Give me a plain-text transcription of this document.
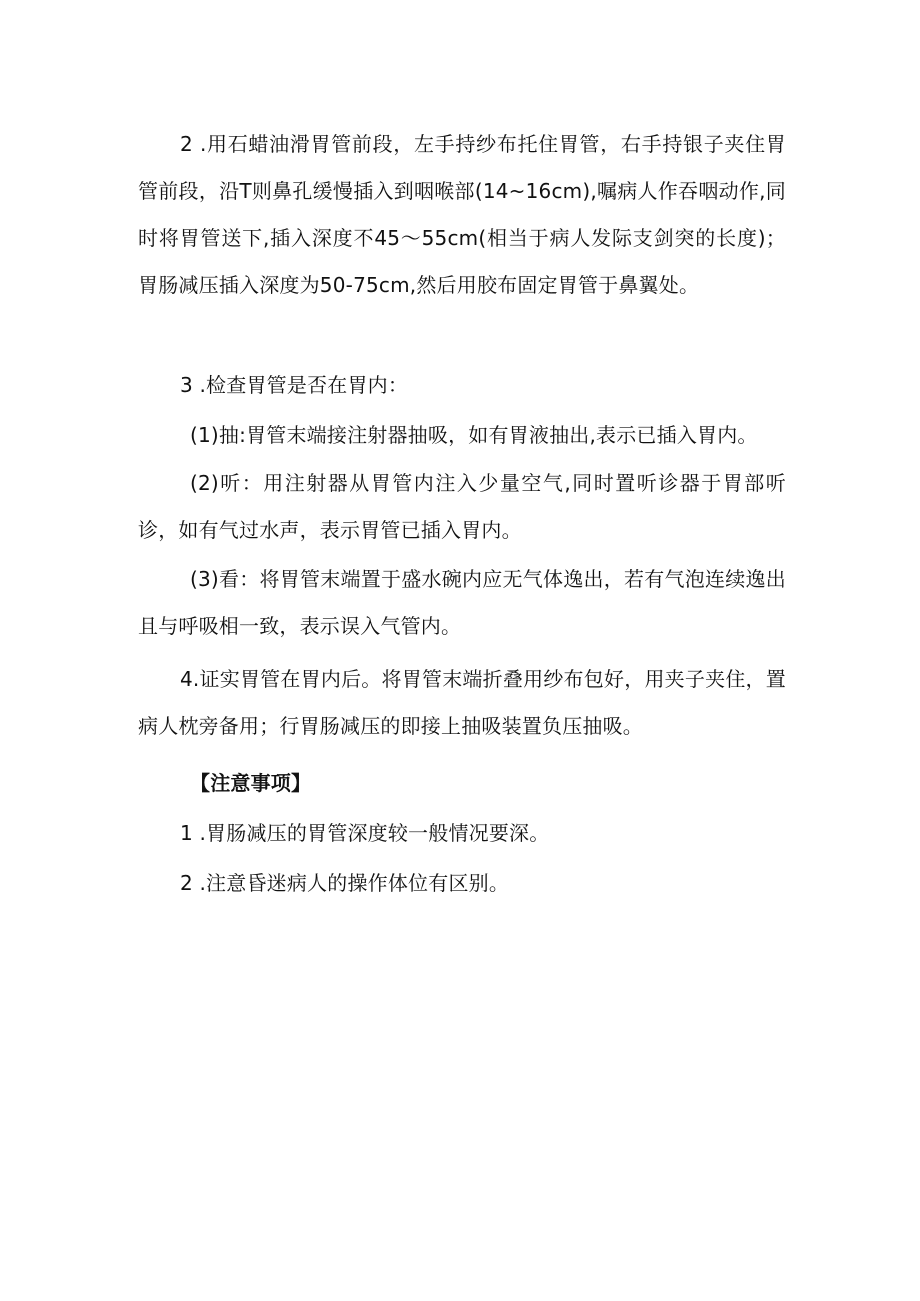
2 .用石蜡油滑胃管前段，左手持纱布托住胃管，右手持银子夹住胃管前段，沿T则鼻孔缓慢插入到咽喉部(14~16cm),嘱病人作吞咽动作,同时将胃管送下,插入深度不45～55cm(相当于病人发际支剑突的长度)；胃肠减压插入深度为50-75cm,然后用胶布固定胃管于鼻翼处。

3 .检查胃管是否在胃内：

(1)抽:胃管末端接注射器抽吸，如有胃液抽出,表示已插入胃内。

(2)听：用注射器从胃管内注入少量空气,同时置听诊器于胃部听诊，如有气过水声，表示胃管已插入胃内。

(3)看：将胃管末端置于盛水碗内应无气体逸出，若有气泡连续逸出且与呼吸相一致，表示误入气管内。

4.证实胃管在胃内后。将胃管末端折叠用纱布包好，用夹子夹住，置病人枕旁备用；行胃肠减压的即接上抽吸装置负压抽吸。

【注意事项】

1 .胃肠减压的胃管深度较一般情况要深。

2 .注意昏迷病人的操作体位有区别。
